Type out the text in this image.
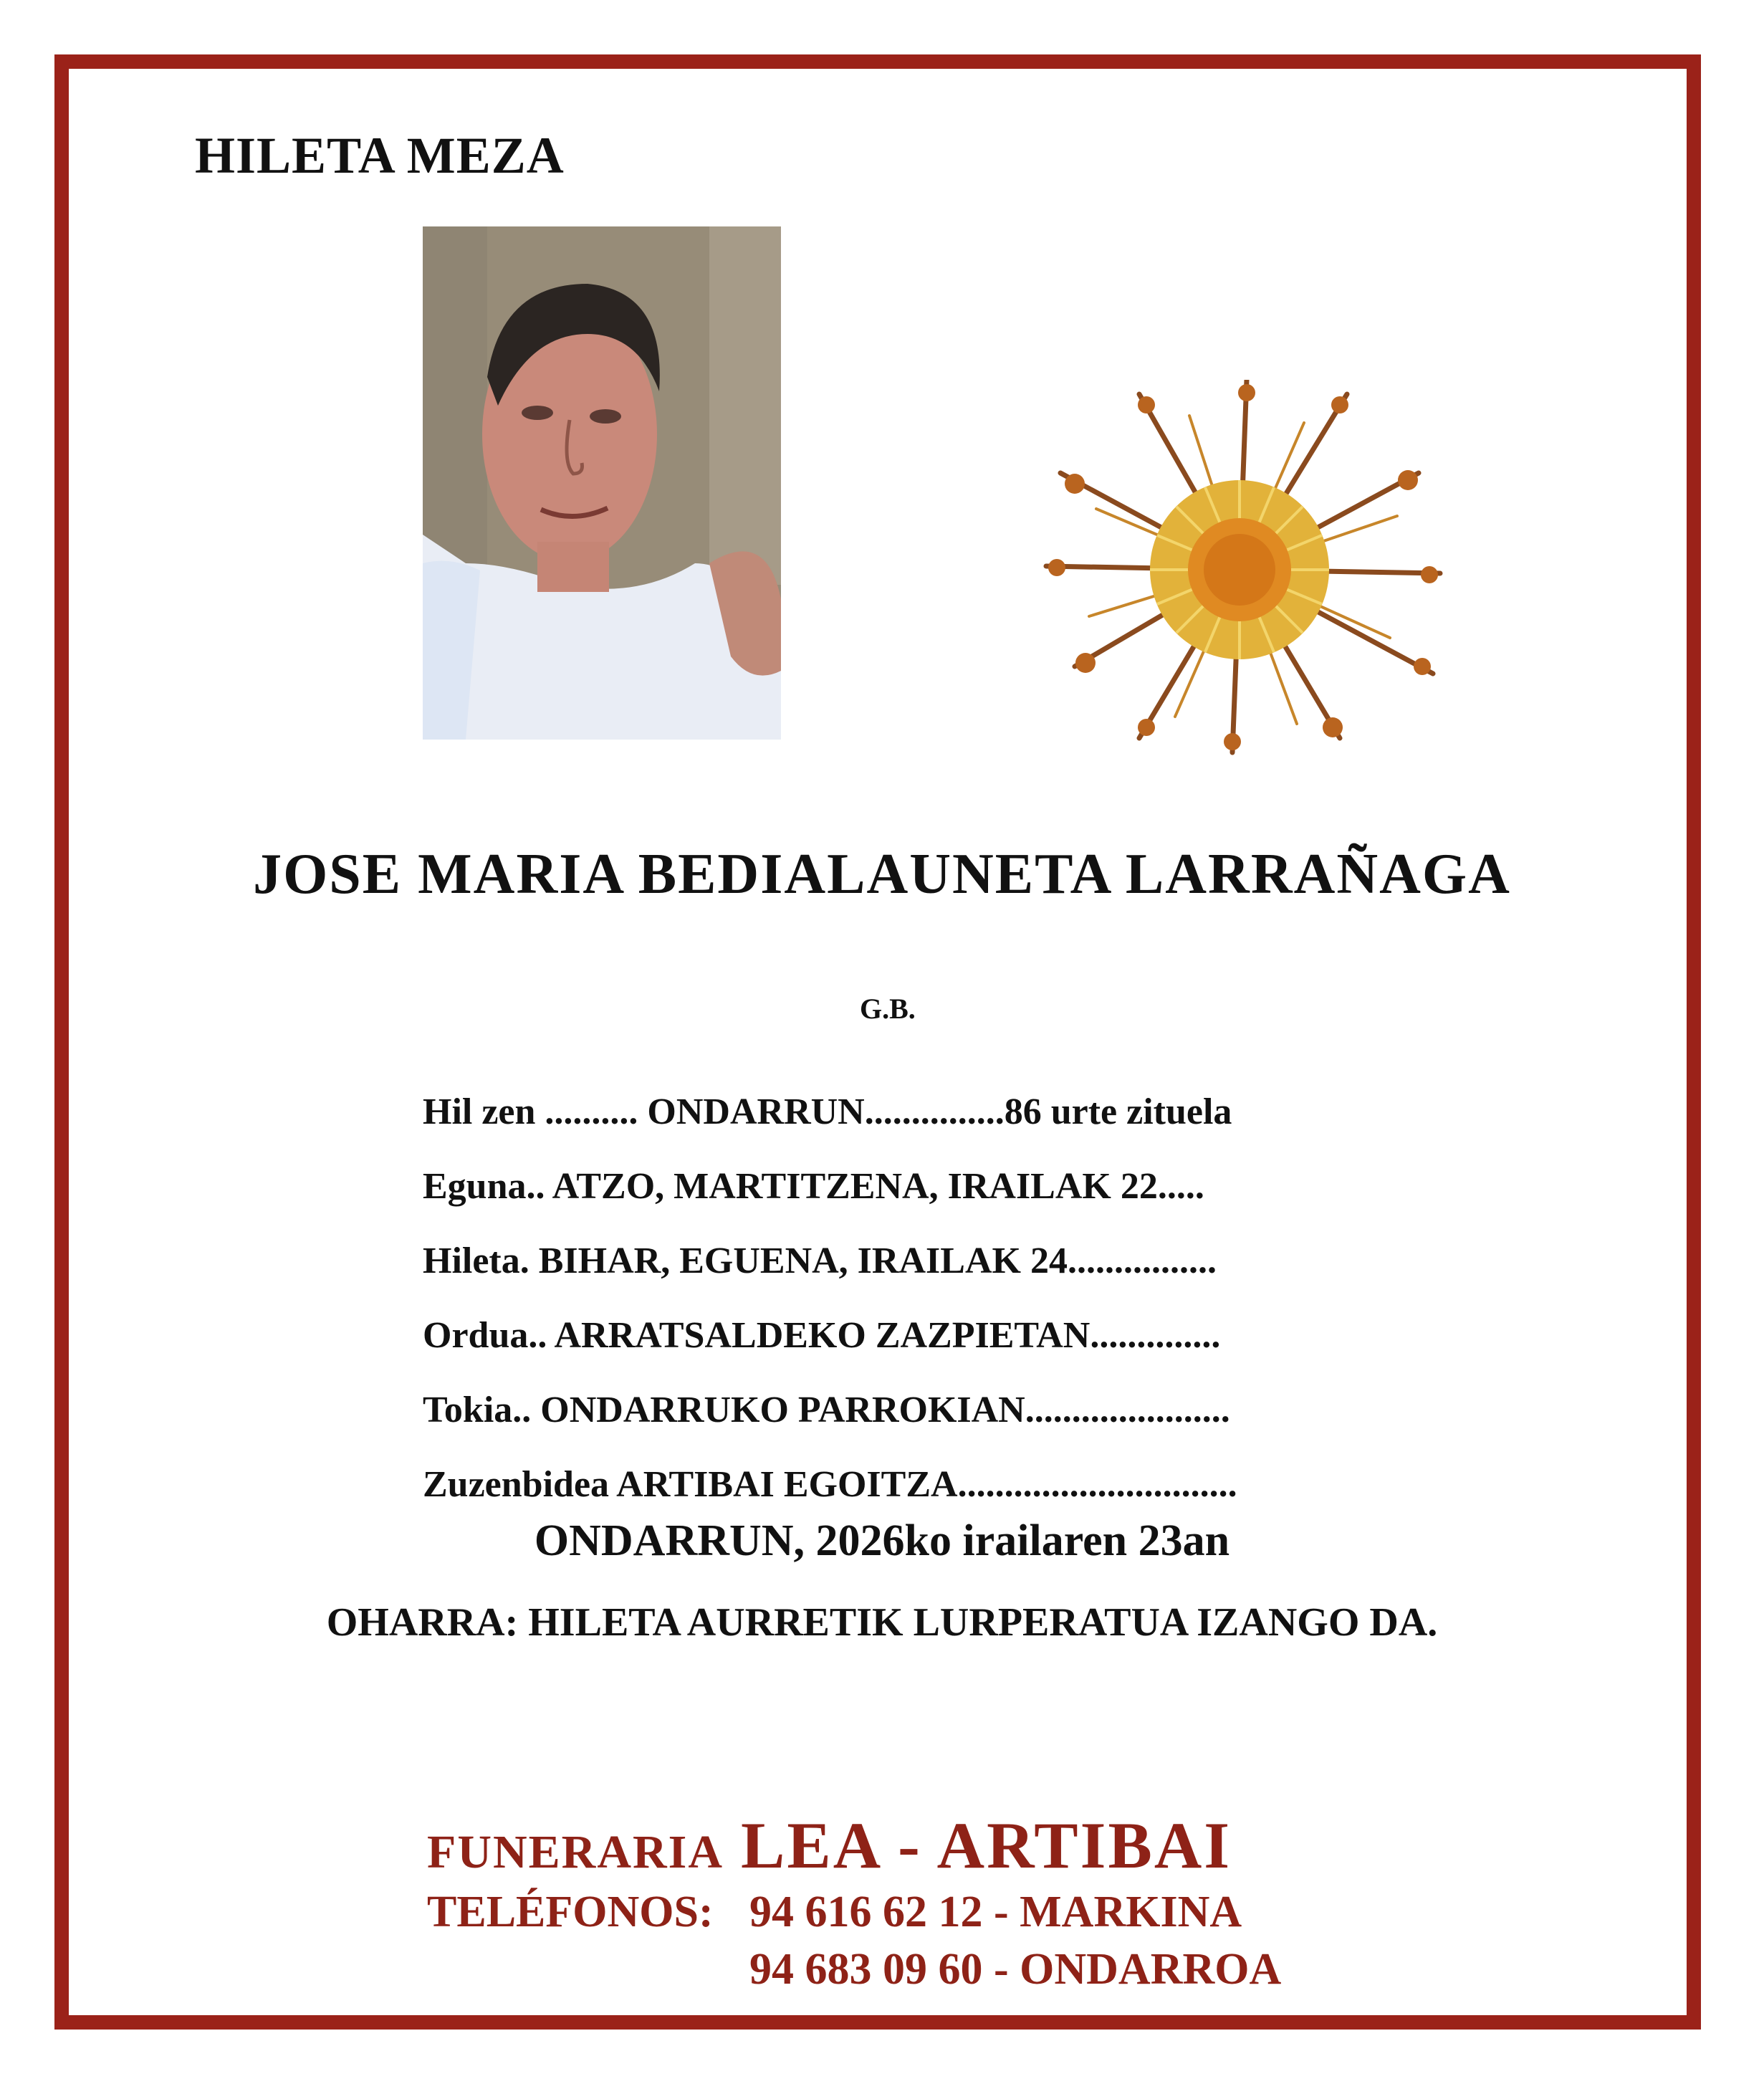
HILETA MEZA
JOSE MARIA BEDIALAUNETA LARRAÑAGA
G.B.
Hil zen .......... ONDARRUN...............86 urte zituela
Eguna.. ATZO, MARTITZENA, IRAILAK 22.....
Hileta. BIHAR, EGUENA, IRAILAK 24................
Ordua.. ARRATSALDEKO ZAZPIETAN..............
Tokia.. ONDARRUKO PARROKIAN......................
Zuzenbidea ARTIBAI EGOITZA..............................
ONDARRUN, 2026ko irailaren 23an
OHARRA: HILETA AURRETIK LURPERATUA IZANGO DA.
FUNERARIA LEA - ARTIBAI
TELÉFONOS: 94 616 62 12 - MARKINA
94 683 09 60 - ONDARROA
